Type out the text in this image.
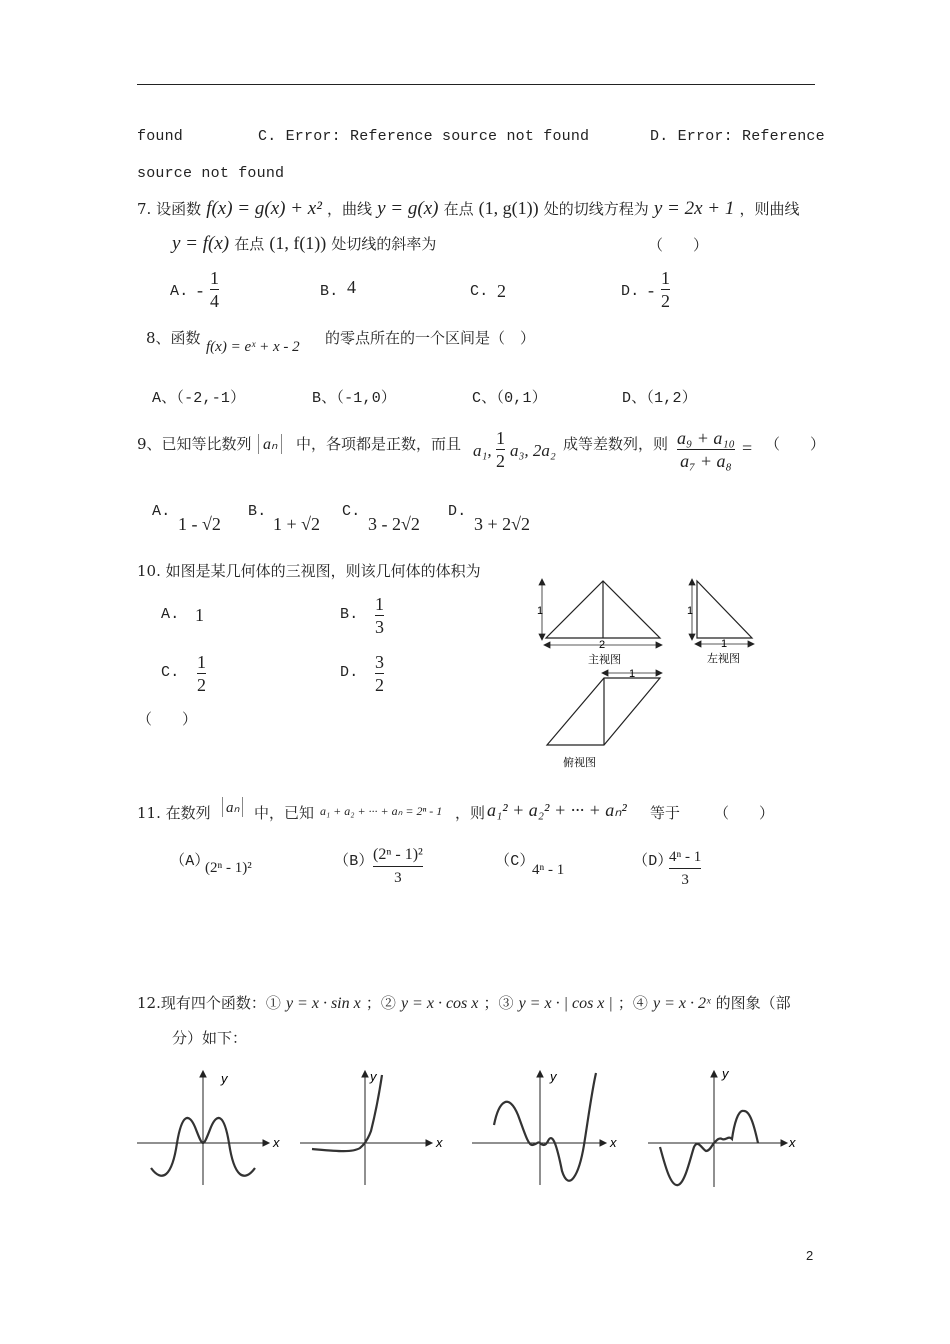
found	C. Error: Reference source not found	D. Error: Reference
source not found
7. 设函数 f(x) = g(x) + x² ，曲线 y = g(x) 在点 (1, g(1)) 处的切线方程为 y = 2x + 1 ，则曲线
y = f(x) 在点 (1, f(1)) 处切线的斜率为	（　　）
A. -
1
4	B. 4	C. 2	D. -
1
2
8、函数 f(x) = eˣ + x - 2 的零点所在的一个区间是（　）
A、（-2,-1）	B、（-1,0）	C、（0,1）	D、（1,2）
9、已知等比数列 aₙ	中，各项都是正数，而且 a₁,
1
2
a₃, 2a₂ 成等差数列，则 a₉ + a₁₀
a₇ + a₈
= （　　）
A.
1 - √2
B.
1 + √2
C.
3 - 2√2
D.
3 + 2√2
10. 如图是某几何体的三视图，则该几何体的体积为
A. 1	B.
1
3
C.
1
2
D.
3
2
（　　）
1
2
主视图
1
1
左视图
1
俯视图
11. 在数列 aₙ 中，已知 a₁ + a₂ + ··· + aₙ = 2ⁿ - 1 ，则 a₁² + a₂² + ··· + aₙ² 等于 （　　）
（A）
(2ⁿ - 1)²	（B） (2ⁿ - 1)²
3
（C）
4ⁿ - 1	（D）
4ⁿ - 1
3
12.现有四个函数：① y = x · sin x ；② y = x · cos x ；③ y = x · | cos x | ；④ y = x · 2ˣ 的图象（部
分）如下：
x
y
x
y
x
y
x
y
2
